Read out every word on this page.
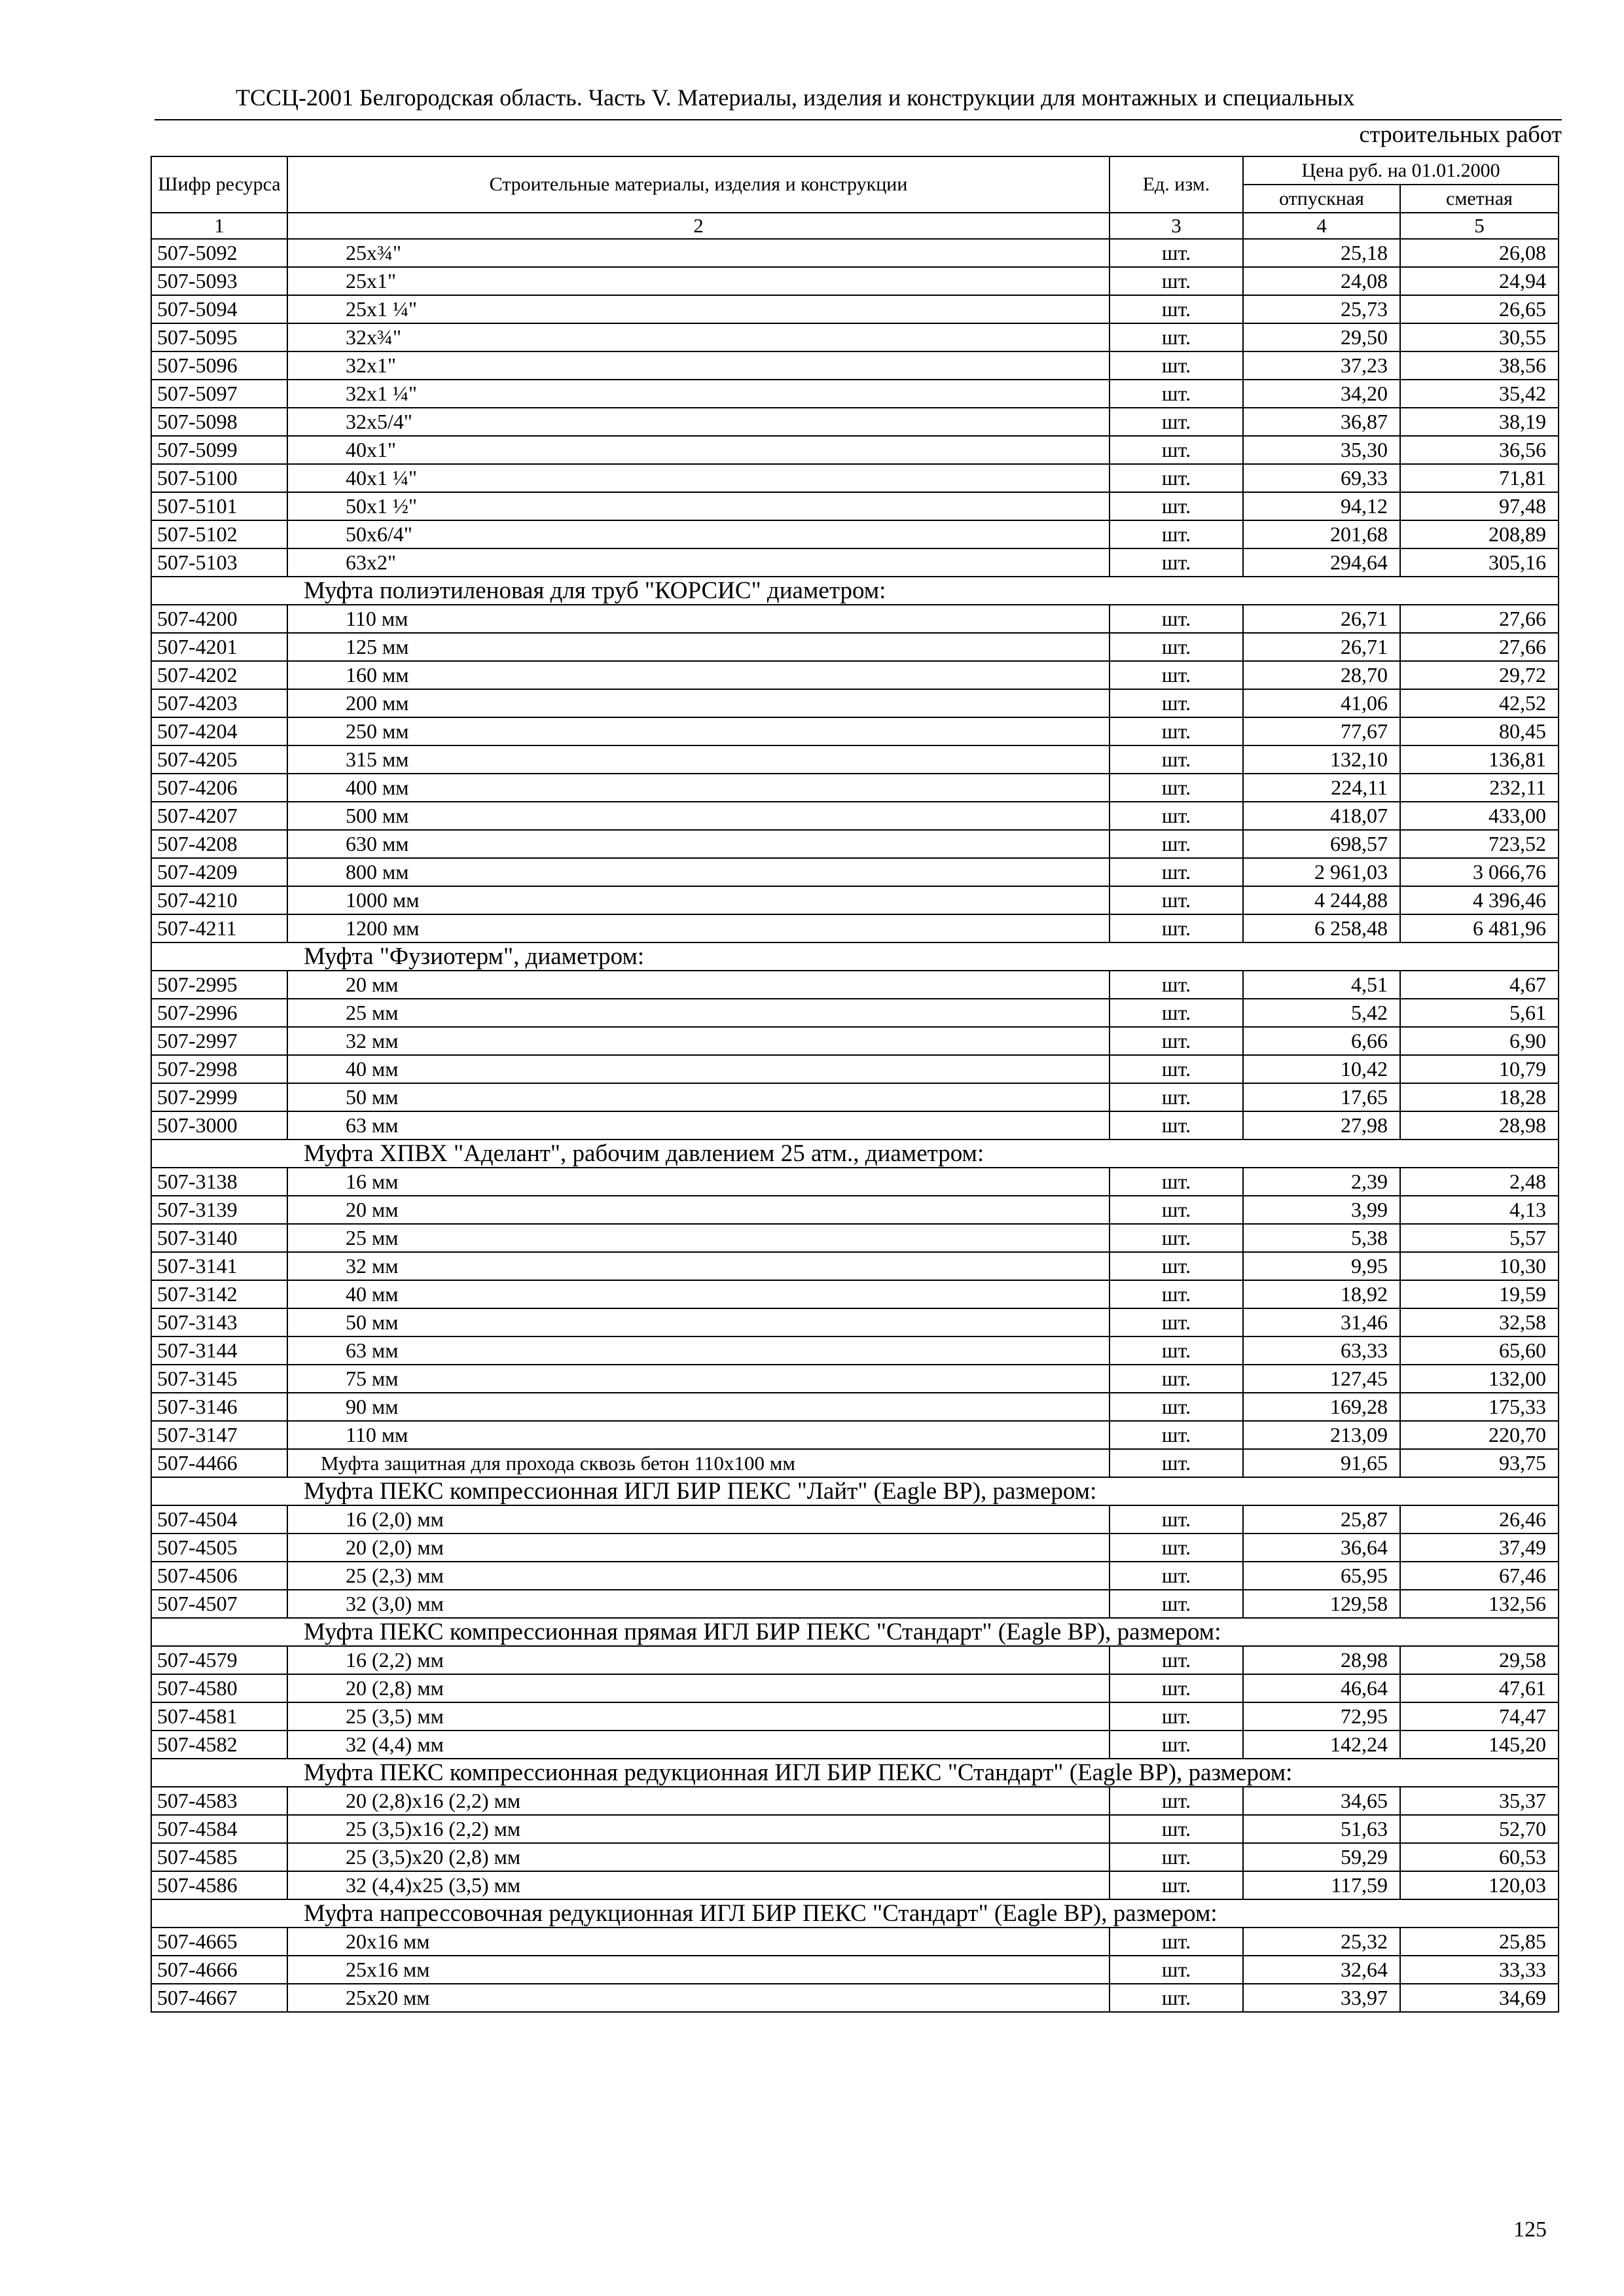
ТССЦ-2001 Белгородская область. Часть V. Материалы, изделия и конструкции для монтажных и специальных
строительных работ
Шифр ресурса	Строительные материалы, изделия и конструкции	Ед. изм.	Цена руб. на 01.01.2000	
			отпускная	сметная
1	2	3	4	5
507-5092	25х¾"	шт.	25,18	26,08
507-5093	25х1"	шт.	24,08	24,94
507-5094	25х1 ¼"	шт.	25,73	26,65
507-5095	32х¾"	шт.	29,50	30,55
507-5096	32х1"	шт.	37,23	38,56
507-5097	32х1 ¼"	шт.	34,20	35,42
507-5098	32х5/4"	шт.	36,87	38,19
507-5099	40х1"	шт.	35,30	36,56
507-5100	40х1 ¼"	шт.	69,33	71,81
507-5101	50х1 ½"	шт.	94,12	97,48
507-5102	50х6/4"	шт.	201,68	208,89
507-5103	63х2"	шт.	294,64	305,16
Муфта полиэтиленовая для труб "КОРСИС" диаметром:				
507-4200	110 мм	шт.	26,71	27,66
507-4201	125 мм	шт.	26,71	27,66
507-4202	160 мм	шт.	28,70	29,72
507-4203	200 мм	шт.	41,06	42,52
507-4204	250 мм	шт.	77,67	80,45
507-4205	315 мм	шт.	132,10	136,81
507-4206	400 мм	шт.	224,11	232,11
507-4207	500 мм	шт.	418,07	433,00
507-4208	630 мм	шт.	698,57	723,52
507-4209	800 мм	шт.	2 961,03	3 066,76
507-4210	1000 мм	шт.	4 244,88	4 396,46
507-4211	1200 мм	шт.	6 258,48	6 481,96
Муфта "Фузиотерм", диаметром:				
507-2995	20 мм	шт.	4,51	4,67
507-2996	25 мм	шт.	5,42	5,61
507-2997	32 мм	шт.	6,66	6,90
507-2998	40 мм	шт.	10,42	10,79
507-2999	50 мм	шт.	17,65	18,28
507-3000	63 мм	шт.	27,98	28,98
Муфта ХПВХ "Аделант", рабочим давлением 25 атм., диаметром:				
507-3138	16 мм	шт.	2,39	2,48
507-3139	20 мм	шт.	3,99	4,13
507-3140	25 мм	шт.	5,38	5,57
507-3141	32 мм	шт.	9,95	10,30
507-3142	40 мм	шт.	18,92	19,59
507-3143	50 мм	шт.	31,46	32,58
507-3144	63 мм	шт.	63,33	65,60
507-3145	75 мм	шт.	127,45	132,00
507-3146	90 мм	шт.	169,28	175,33
507-3147	110 мм	шт.	213,09	220,70
507-4466	Муфта защитная для прохода сквозь бетон 110х100 мм	шт.	91,65	93,75
Муфта ПЕКС компрессионная ИГЛ БИР ПЕКС "Лайт" (Eagle BP), размером:				
507-4504	16 (2,0) мм	шт.	25,87	26,46
507-4505	20 (2,0) мм	шт.	36,64	37,49
507-4506	25 (2,3) мм	шт.	65,95	67,46
507-4507	32 (3,0) мм	шт.	129,58	132,56
Муфта ПЕКС компрессионная прямая ИГЛ БИР ПЕКС "Стандарт" (Eagle BP), размером:				
507-4579	16 (2,2) мм	шт.	28,98	29,58
507-4580	20 (2,8) мм	шт.	46,64	47,61
507-4581	25 (3,5) мм	шт.	72,95	74,47
507-4582	32 (4,4) мм	шт.	142,24	145,20
Муфта ПЕКС компрессионная редукционная ИГЛ БИР ПЕКС "Стандарт" (Eagle BP), размером:				
507-4583	20 (2,8)х16 (2,2) мм	шт.	34,65	35,37
507-4584	25 (3,5)х16 (2,2) мм	шт.	51,63	52,70
507-4585	25 (3,5)х20 (2,8) мм	шт.	59,29	60,53
507-4586	32 (4,4)х25 (3,5) мм	шт.	117,59	120,03
Муфта напрессовочная редукционная ИГЛ БИР ПЕКС "Стандарт" (Eagle BP), размером:				
507-4665	20х16 мм	шт.	25,32	25,85
507-4666	25х16 мм	шт.	32,64	33,33
507-4667	25х20 мм	шт.	33,97	34,69
125
